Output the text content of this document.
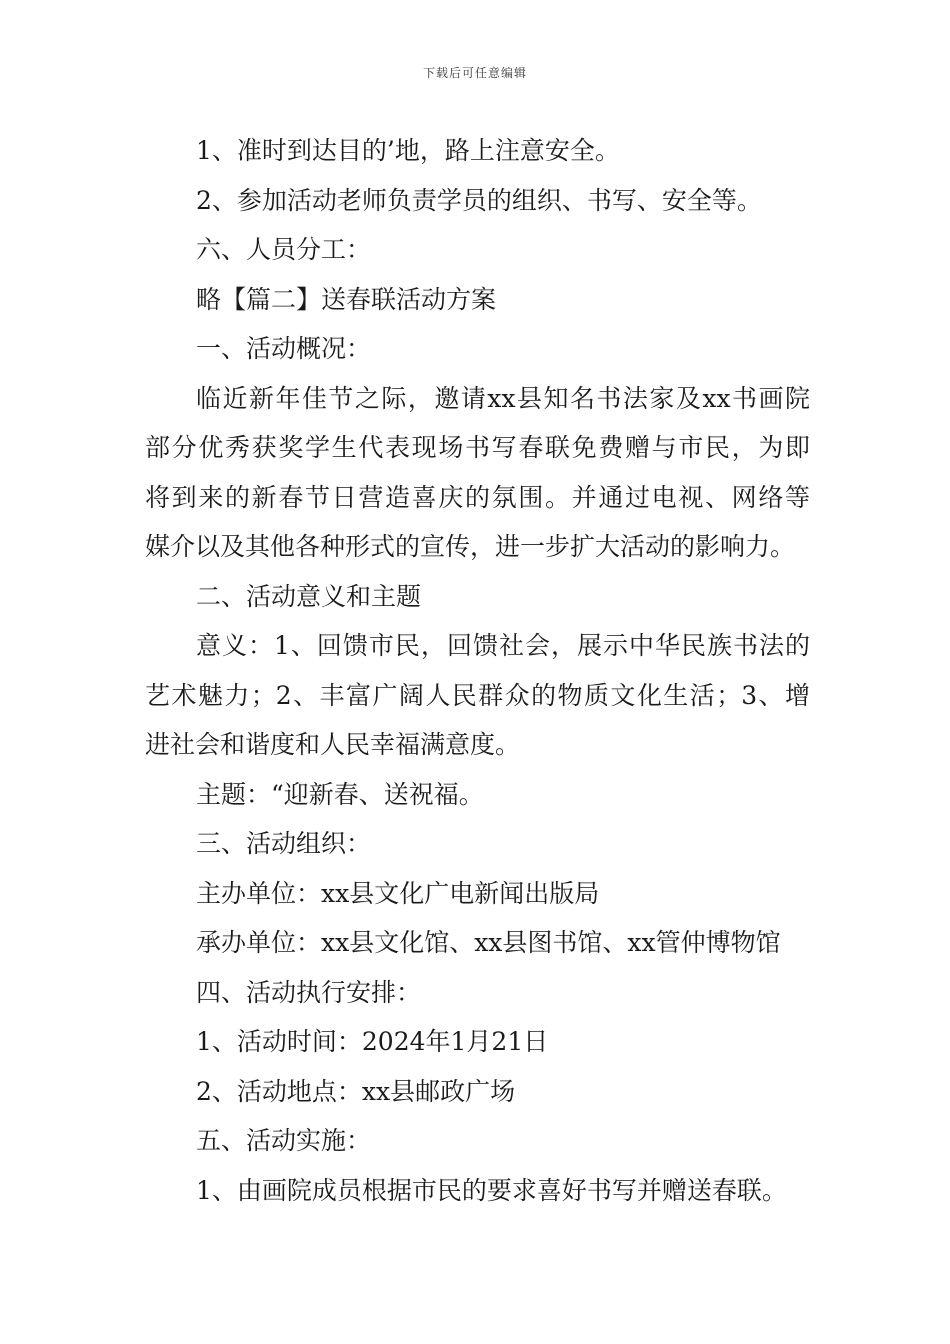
下载后可任意编辑
1、准时到达目的’地，路上注意安全。
2、参加活动老师负责学员的组织、书写、安全等。
六、人员分工：
略【篇二】送春联活动方案
一、活动概况：
临近新年佳节之际，邀请xx县知名书法家及xx书画院
部分优秀获奖学生代表现场书写春联免费赠与市民，为即
将到来的新春节日营造喜庆的氛围。并通过电视、网络等
媒介以及其他各种形式的宣传，进一步扩大活动的影响力。
二、活动意义和主题
意义：1、回馈市民，回馈社会，展示中华民族书法的
艺术魅力；2、丰富广阔人民群众的物质文化生活；3、增
进社会和谐度和人民幸福满意度。
主题：“迎新春、送祝福。
三、活动组织：
主办单位：xx县文化广电新闻出版局
承办单位：xx县文化馆、xx县图书馆、xx管仲博物馆
四、活动执行安排：
1、活动时间：2024年1月21日
2、活动地点：xx县邮政广场
五、活动实施：
1、由画院成员根据市民的要求喜好书写并赠送春联。
